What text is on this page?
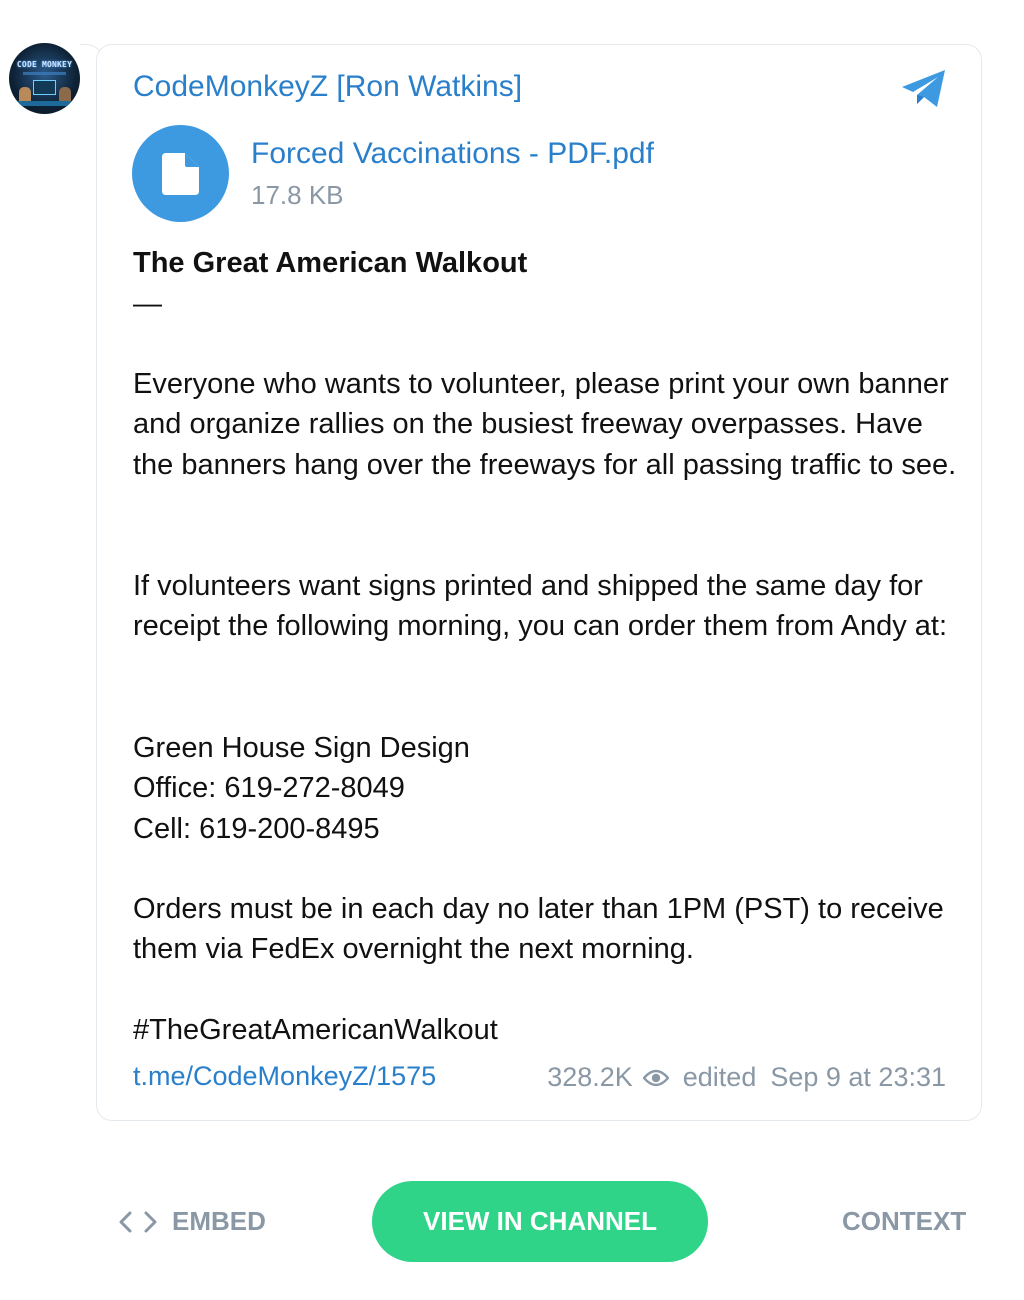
CODE MONKEY
CodeMonkeyZ [Ron Watkins]
Forced Vaccinations - PDF.pdf
17.8 KB
The Great American Walkout
—
Everyone who wants to volunteer, please print your own banner and organize rallies on the busiest freeway overpasses. Have the banners hang over the freeways for all passing traffic to see.
If volunteers want signs printed and shipped the same day for receipt the following morning, you can order them from Andy at:
Green House Sign Design
Office: 619-272-8049
Cell: 619-200-8495
Orders must be in each day no later than 1PM (PST) to receive them via FedEx overnight the next morning.
#TheGreatAmericanWalkout
t.me/CodeMonkeyZ/1575	328.2K edited Sep 9 at 23:31
EMBED	VIEW IN CHANNEL	CONTEXT
